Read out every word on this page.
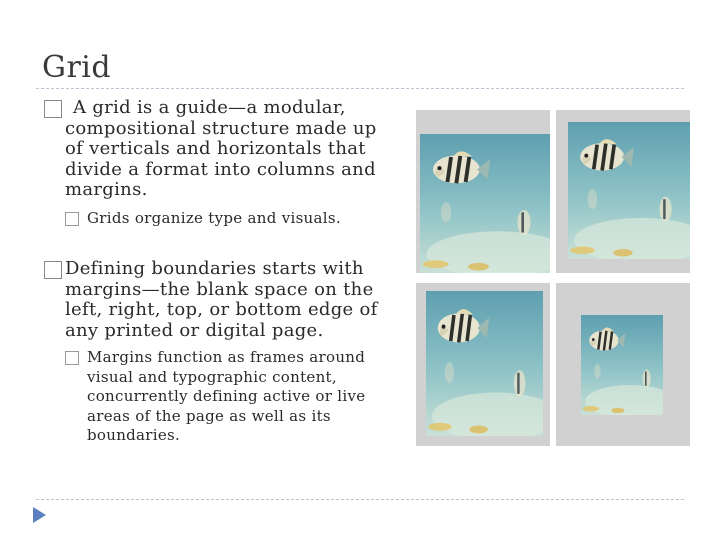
Grid
A grid is a guide—a modular,
compositional structure made up
of verticals and horizontals that
divide a format into columns and
margins.
Grids organize type and visuals.
Defining boundaries starts with
margins—the blank space on the
left, right, top, or bottom edge of
any printed or digital page.
Margins function as frames around
visual and typographic content,
concurrently defining active or live
areas of the page as well as its
boundaries.
